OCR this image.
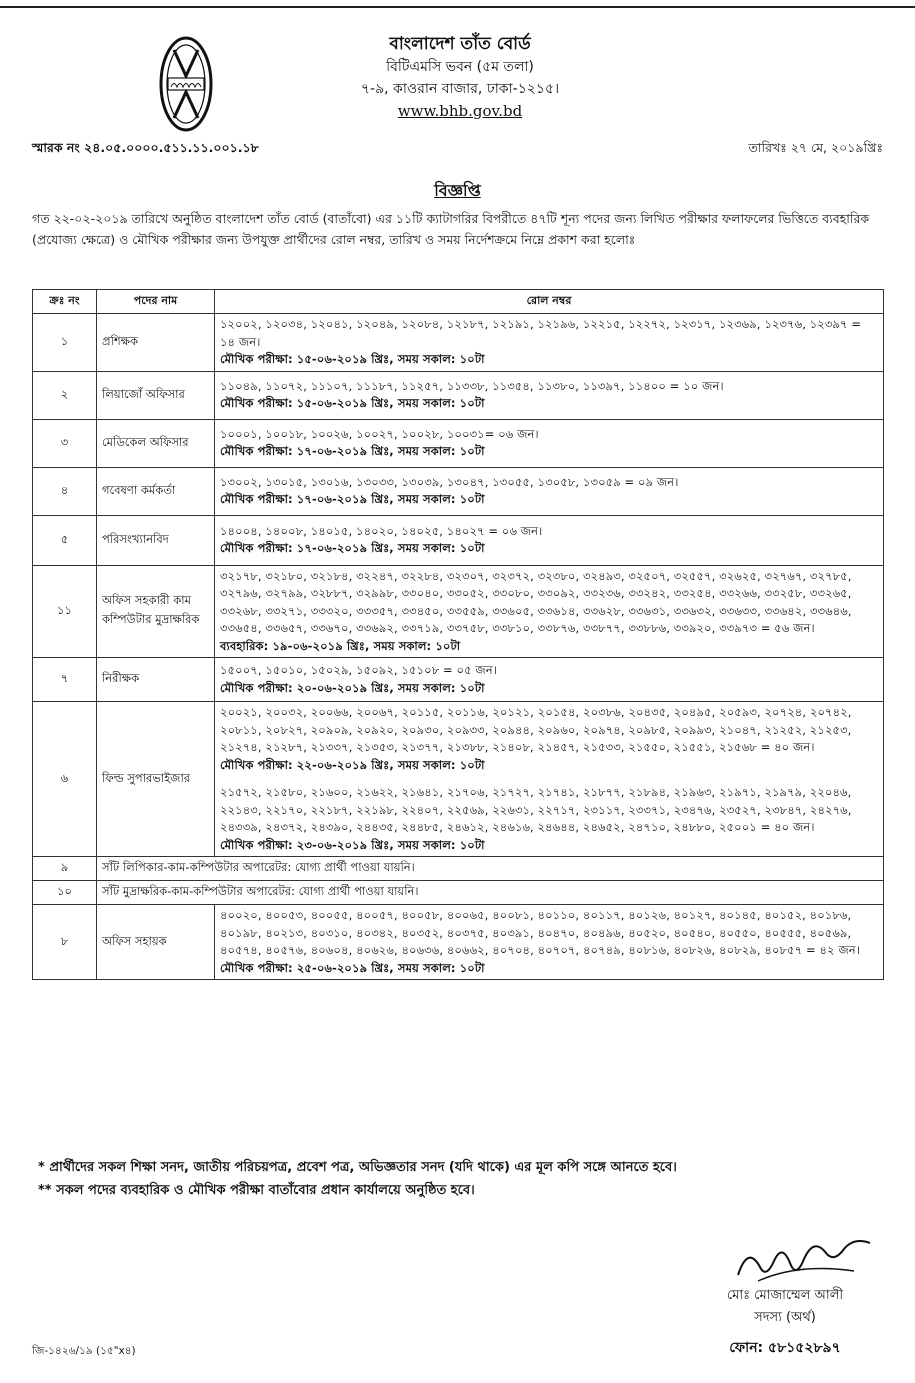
বাংলাদেশ তাঁত বোর্ড
বিটিএমসি ভবন (৫ম তলা)
৭-৯, কাওরান বাজার, ঢাকা-১২১৫।
www.bhb.gov.bd
স্মারক নং ২৪.০৫.০০০০.৫১১.১১.০০১.১৮	তারিখঃ ২৭ মে, ২০১৯খ্রিঃ
বিজ্ঞপ্তি
গত ২২-০২-২০১৯ তারিখে অনুষ্ঠিত বাংলাদেশ তাঁত বোর্ড (বাতাঁবো) এর ১১টি ক্যাটাগরির বিপরীতে ৪৭টি শূন্য পদের জন্য লিখিত পরীক্ষার ফলাফলের ভিত্তিতে ব্যবহারিক (প্রযোজ্য ক্ষেত্রে) ও মৌখিক পরীক্ষার জন্য উপযুক্ত প্রার্থীদের রোল নম্বর, তারিখ ও সময় নির্দেশক্রমে নিম্নে প্রকাশ করা হলোঃ
ক্রঃ নং	পদের নাম	রোল নম্বর
১	প্রশিক্ষক	১২০০২, ১২০৩৪, ১২০৪১, ১২০৪৯, ১২০৮৪, ১২১৮৭, ১২১৯১, ১২১৯৬, ১২২১৫, ১২২৭২, ১২৩১৭, ১২৩৬৯, ১২৩৭৬, ১২৩৯৭ = ১৪ জন।
মৌখিক পরীক্ষা: ১৫-০৬-২০১৯ খ্রিঃ, সময় সকাল: ১০টা

২	লিয়াজোঁ অফিসার	১১০৪৯, ১১০৭২, ১১১০৭, ১১১৮৭, ১১২৫৭, ১১৩৩৮, ১১৩৫৪, ১১৩৮০, ১১৩৯৭, ১১৪০০ = ১০ জন।
মৌখিক পরীক্ষা: ১৫-০৬-২০১৯ খ্রিঃ, সময় সকাল: ১০টা

৩	মেডিকেল অফিসার	১০০০১, ১০০১৮, ১০০২৬, ১০০২৭, ১০০২৮, ১০০৩১= ০৬ জন।
মৌখিক পরীক্ষা: ১৭-০৬-২০১৯ খ্রিঃ, সময় সকাল: ১০টা

৪	গবেষণা কর্মকর্তা	১৩০০২, ১৩০১৫, ১৩০১৬, ১৩০৩৩, ১৩০৩৯, ১৩০৪৭, ১৩০৫৫, ১৩০৫৮, ১৩০৫৯ = ০৯ জন।
মৌখিক পরীক্ষা: ১৭-০৬-২০১৯ খ্রিঃ, সময় সকাল: ১০টা

৫	পরিসংখ্যানবিদ	১৪০০৪, ১৪০০৮, ১৪০১৫, ১৪০২০, ১৪০২৫, ১৪০২৭ = ০৬ জন।
মৌখিক পরীক্ষা: ১৭-০৬-২০১৯ খ্রিঃ, সময় সকাল: ১০টা

১১	অফিস সহকারী কাম কম্পিউটার মুদ্রাক্ষরিক	৩২১৭৮, ৩২১৮০, ৩২১৮৪, ৩২২৪৭, ৩২২৮৪, ৩২৩০৭, ৩২৩৭২, ৩২৩৮০, ৩২৪৯৩, ৩২৫০৭, ৩২৫৫৭, ৩২৬২৫, ৩২৭৬৭, ৩২৭৮৫, ৩২৭৯৬, ৩২৭৯৯, ৩২৮৮৭, ৩২৯৯৮, ৩৩০৪০, ৩৩০৫২, ৩৩০৮০, ৩৩০৯২, ৩৩২৩৬, ৩৩২৪২, ৩৩২৫৪, ৩৩২৬৬, ৩৩২৫৮, ৩৩২৬৫, ৩৩২৬৮, ৩৩২৭১, ৩৩৩২০, ৩৩৩৫৭, ৩৩৪৫০, ৩৩৫৫৯, ৩৩৬০৫, ৩৩৬১৪, ৩৩৬২৮, ৩৩৬৩১, ৩৩৬৩২, ৩৩৬৩৩, ৩৩৬৪২, ৩৩৬৪৬, ৩৩৬৫৪, ৩৩৬৫৭, ৩৩৬৭০, ৩৩৬৯২, ৩৩৭১৯, ৩৩৭৫৮, ৩৩৮১০, ৩৩৮৭৬, ৩৩৮৭৭, ৩৩৮৮৬, ৩৩৯২০, ৩৩৯৭৩ = ৫৬ জন।
ব্যবহারিক: ১৯-০৬-২০১৯ খ্রিঃ, সময় সকাল: ১০টা

৭	নিরীক্ষক	১৫০০৭, ১৫০১০, ১৫০২৯, ১৫০৯২, ১৫১০৮ = ০৫ জন।
মৌখিক পরীক্ষা: ২০-০৬-২০১৯ খ্রিঃ, সময় সকাল: ১০টা

৬	ফিল্ড সুপারভাইজার	২০০২১, ২০০৩২, ২০০৬৬, ২০০৬৭, ২০১১৫, ২০১১৬, ২০১২১, ২০১৫৪, ২০৩৮৬, ২০৪৩৫, ২০৪৯৫, ২০৫৯৩, ২০৭২৪, ২০৭৪২, ২০৮১১, ২০৮২৭, ২০৯০৯, ২০৯২০, ২০৯৩০, ২০৯৩৩, ২০৯৪৪, ২০৯৬০, ২০৯৭৪, ২০৯৮৫, ২০৯৯৩, ২১০৪৭, ২১২৫২, ২১২৫৩, ২১২৭৪, ২১২৮৭, ২১৩৩৭, ২১৩৫৩, ২১৩৭৭, ২১৩৮৮, ২১৪০৮, ২১৪৫৭, ২১৫৩৩, ২১৫৫০, ২১৫৫১, ২১৫৬৮ = ৪০ জন।
মৌখিক পরীক্ষা: ২২-০৬-২০১৯ খ্রিঃ, সময় সকাল: ১০টা
২১৫৭২, ২১৫৮০, ২১৬০০, ২১৬২২, ২১৬৪১, ২১৭০৬, ২১৭২৭, ২১৭৪১, ২১৮৭৭, ২১৮৯৪, ২১৯৬৩, ২১৯৭১, ২১৯৭৯, ২২০৪৬, ২২১৪৩, ২২১৭০, ২২১৮৭, ২২১৯৮, ২২৪০৭, ২২৫৬৯, ২২৬৩১, ২২৭১৭, ২৩১১৭, ২৩৩৭১, ২৩৪৭৬, ২৩৫২৭, ২৩৮৪৭, ২৪২৭৬, ২৪৩৩৯, ২৪৩৭২, ২৪৩৯০, ২৪৪৩৫, ২৪৪৮৫, ২৪৬১২, ২৪৬১৬, ২৪৬৪৪, ২৪৬৫২, ২৪৭১০, ২৪৮৮০, ২৫০০১ = ৪০ জন।
মৌখিক পরীক্ষা: ২৩-০৬-২০১৯ খ্রিঃ, সময় সকাল: ১০টা

৯	সাঁট লিপিকার-কাম-কম্পিউটার অপারেটর: যোগ্য প্রার্থী পাওয়া যায়নি।	
১০	সাঁট মুদ্রাক্ষরিক-কাম-কম্পিউটার অপারেটর: যোগ্য প্রার্থী পাওয়া যায়নি।	
৮	অফিস সহায়ক	৪০০২০, ৪০০৫৩, ৪০০৫৫, ৪০০৫৭, ৪০০৫৮, ৪০০৬৫, ৪০০৮১, ৪০১১০, ৪০১১৭, ৪০১২৬, ৪০১২৭, ৪০১৪৫, ৪০১৫২, ৪০১৮৬, ৪০১৯৮, ৪০২১৩, ৪০৩১০, ৪০৩৪২, ৪০৩৫২, ৪০৩৭৫, ৪০৩৯১, ৪০৪৭০, ৪০৪৯৬, ৪০৫২০, ৪০৫৪০, ৪০৫৫০, ৪০৫৫৫, ৪০৫৬৯, ৪০৫৭৪, ৪০৫৭৬, ৪০৬০৪, ৪০৬২৬, ৪০৬৩৬, ৪০৬৬২, ৪০৭০৪, ৪০৭০৭, ৪০৭৪৯, ৪০৮১৬, ৪০৮২৬, ৪০৮২৯, ৪০৮৫৭ = ৪২ জন।
মৌখিক পরীক্ষা: ২৫-০৬-২০১৯ খ্রিঃ, সময় সকাল: ১০টা
* প্রার্থীদের সকল শিক্ষা সনদ, জাতীয় পরিচয়পত্র, প্রবেশ পত্র, অভিজ্ঞতার সনদ (যদি থাকে) এর মূল কপি সঙ্গে আনতে হবে।
** সকল পদের ব্যবহারিক ও মৌখিক পরীক্ষা বাতাঁবোর প্রধান কার্যালয়ে অনুষ্ঠিত হবে।
মোঃ মোজাম্মেল আলী
সদস্য (অর্থ)
ফোন: ৫৮১৫২৮৯৭
জি-১৪২৬/১৯ (১৫"x৪)
